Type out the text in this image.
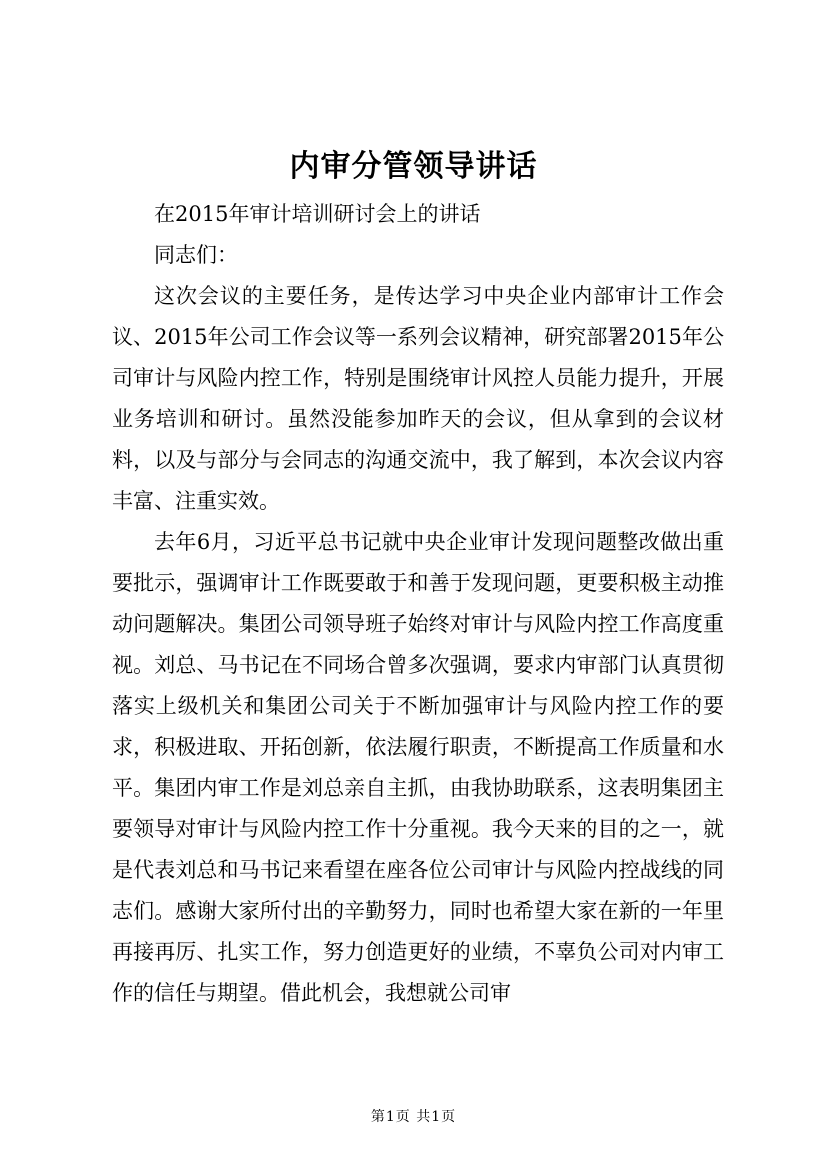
内审分管领导讲话

在2015年审计培训研讨会上的讲话

同志们：

这次会议的主要任务，是传达学习中央企业内部审计工作会议、2015年公司工作会议等一系列会议精神，研究部署2015年公司审计与风险内控工作，特别是围绕审计风控人员能力提升，开展业务培训和研讨。虽然没能参加昨天的会议，但从拿到的会议材料，以及与部分与会同志的沟通交流中，我了解到，本次会议内容丰富、注重实效。

去年6月，习近平总书记就中央企业审计发现问题整改做出重要批示，强调审计工作既要敢于和善于发现问题，更要积极主动推动问题解决。集团公司领导班子始终对审计与风险内控工作高度重视。刘总、马书记在不同场合曾多次强调，要求内审部门认真贯彻落实上级机关和集团公司关于不断加强审计与风险内控工作的要求，积极进取、开拓创新，依法履行职责，不断提高工作质量和水平。集团内审工作是刘总亲自主抓，由我协助联系，这表明集团主要领导对审计与风险内控工作十分重视。我今天来的目的之一，就是代表刘总和马书记来看望在座各位公司审计与风险内控战线的同志们。感谢大家所付出的辛勤努力，同时也希望大家在新的一年里再接再厉、扎实工作，努力创造更好的业绩，不辜负公司对内审工作的信任与期望。借此机会，我想就公司审

第1页 共1页
